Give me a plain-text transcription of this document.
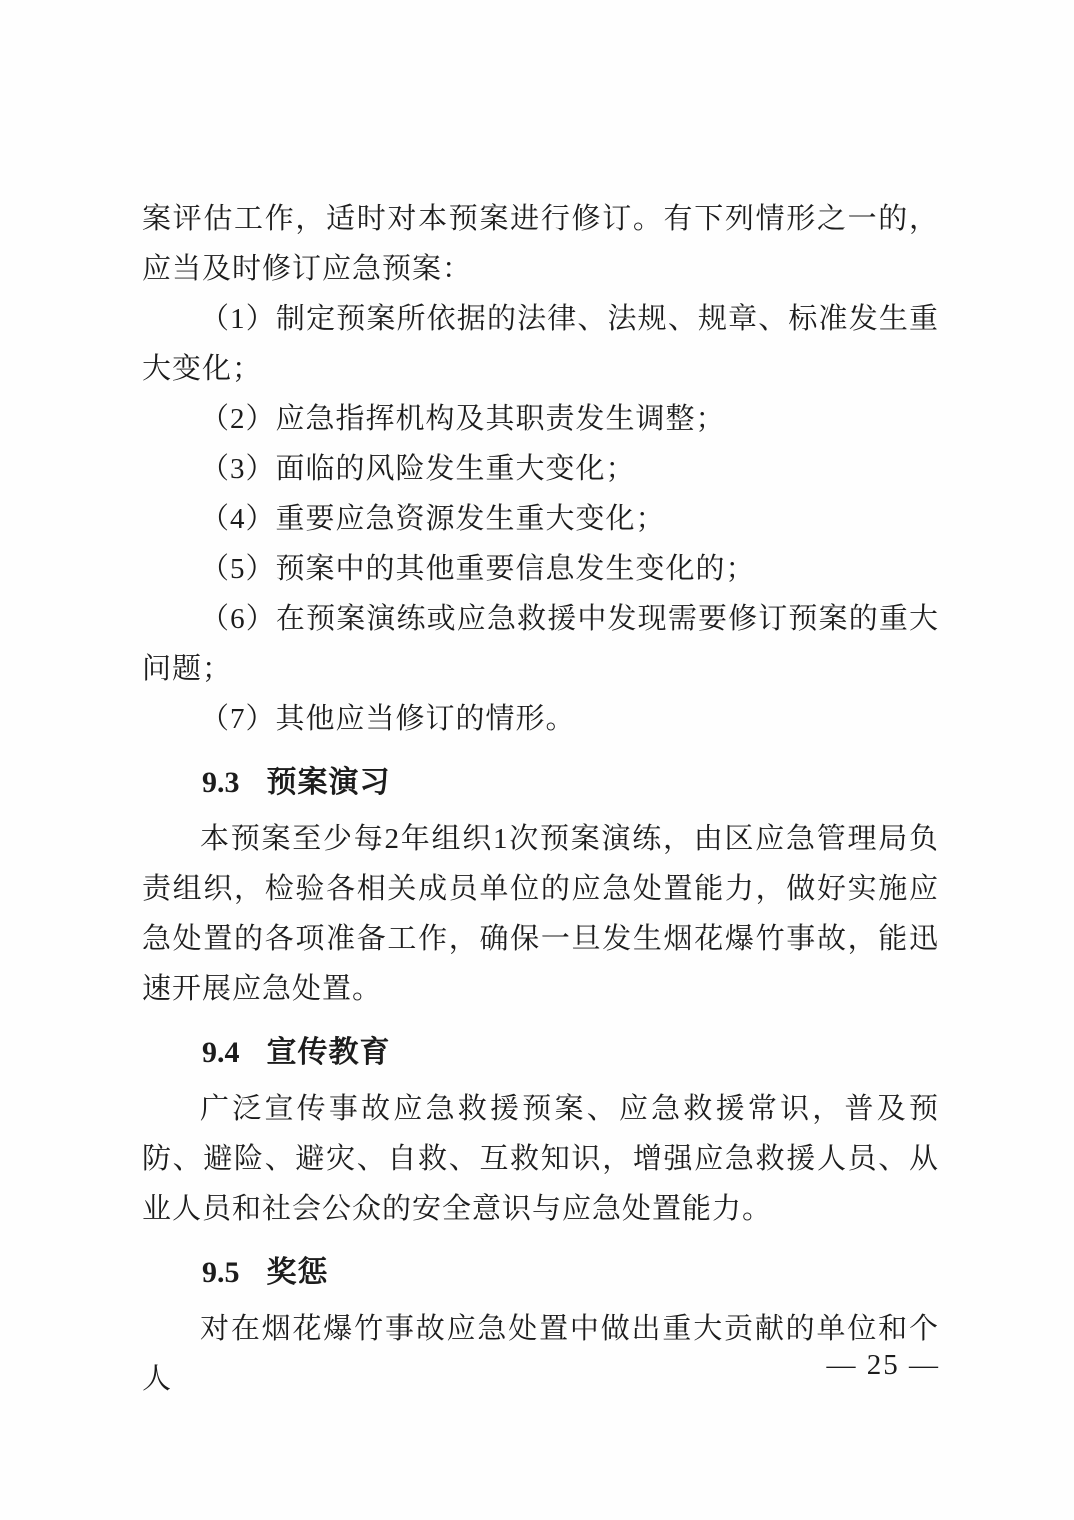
案评估工作，适时对本预案进行修订。有下列情形之一的，应当及时修订应急预案：

（1）制定预案所依据的法律、法规、规章、标准发生重大变化；

（2）应急指挥机构及其职责发生调整；

（3）面临的风险发生重大变化；

（4）重要应急资源发生重大变化；

（5）预案中的其他重要信息发生变化的；

（6）在预案演练或应急救援中发现需要修订预案的重大问题；

（7）其他应当修订的情形。

9.3 预案演习

本预案至少每2年组织1次预案演练，由区应急管理局负责组织，检验各相关成员单位的应急处置能力，做好实施应急处置的各项准备工作，确保一旦发生烟花爆竹事故，能迅速开展应急处置。

9.4 宣传教育

广泛宣传事故应急救援预案、应急救援常识，普及预防、避险、避灾、自救、互救知识，增强应急救援人员、从业人员和社会公众的安全意识与应急处置能力。

9.5 奖惩

对在烟花爆竹事故应急处置中做出重大贡献的单位和个人	— 25 —
